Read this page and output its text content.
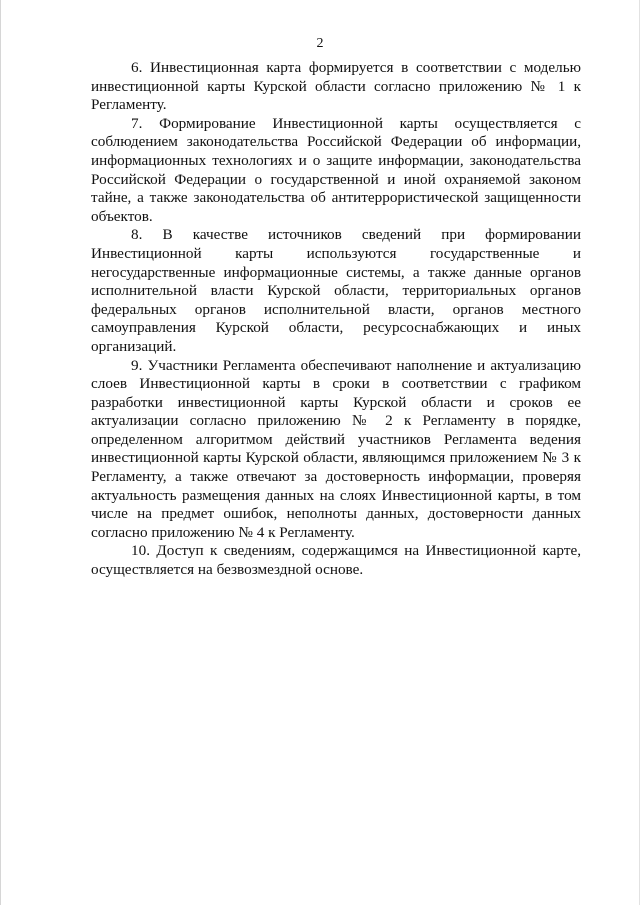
2

6. Инвестиционная карта формируется в соответствии с моделью инвестиционной карты Курской области согласно приложению № 1 к Регламенту.

7. Формирование Инвестиционной карты осуществляется с соблюдением законодательства Российской Федерации об информации, информационных технологиях и о защите информации, законодательства Российской Федерации о государственной и иной охраняемой законом тайне, а также законодательства об антитеррористической защищенности объектов.

8. В качестве источников сведений при формировании Инвестиционной карты используются государственные и негосударственные информационные системы, а также данные органов исполнительной власти Курской области, территориальных органов федеральных органов исполнительной власти, органов местного самоуправления Курской области, ресурсоснабжающих и иных организаций.

9. Участники Регламента обеспечивают наполнение и актуализацию слоев Инвестиционной карты в сроки в соответствии с графиком разработки инвестиционной карты Курской области и сроков ее актуализации согласно приложению № 2 к Регламенту в порядке, определенном алгоритмом действий участников Регламента ведения инвестиционной карты Курской области, являющимся приложением № 3 к Регламенту, а также отвечают за достоверность информации, проверяя актуальность размещения данных на слоях Инвестиционной карты, в том числе на предмет ошибок, неполноты данных, достоверности данных согласно приложению № 4 к Регламенту.

10. Доступ к сведениям, содержащимся на Инвестиционной карте, осуществляется на безвозмездной основе.
